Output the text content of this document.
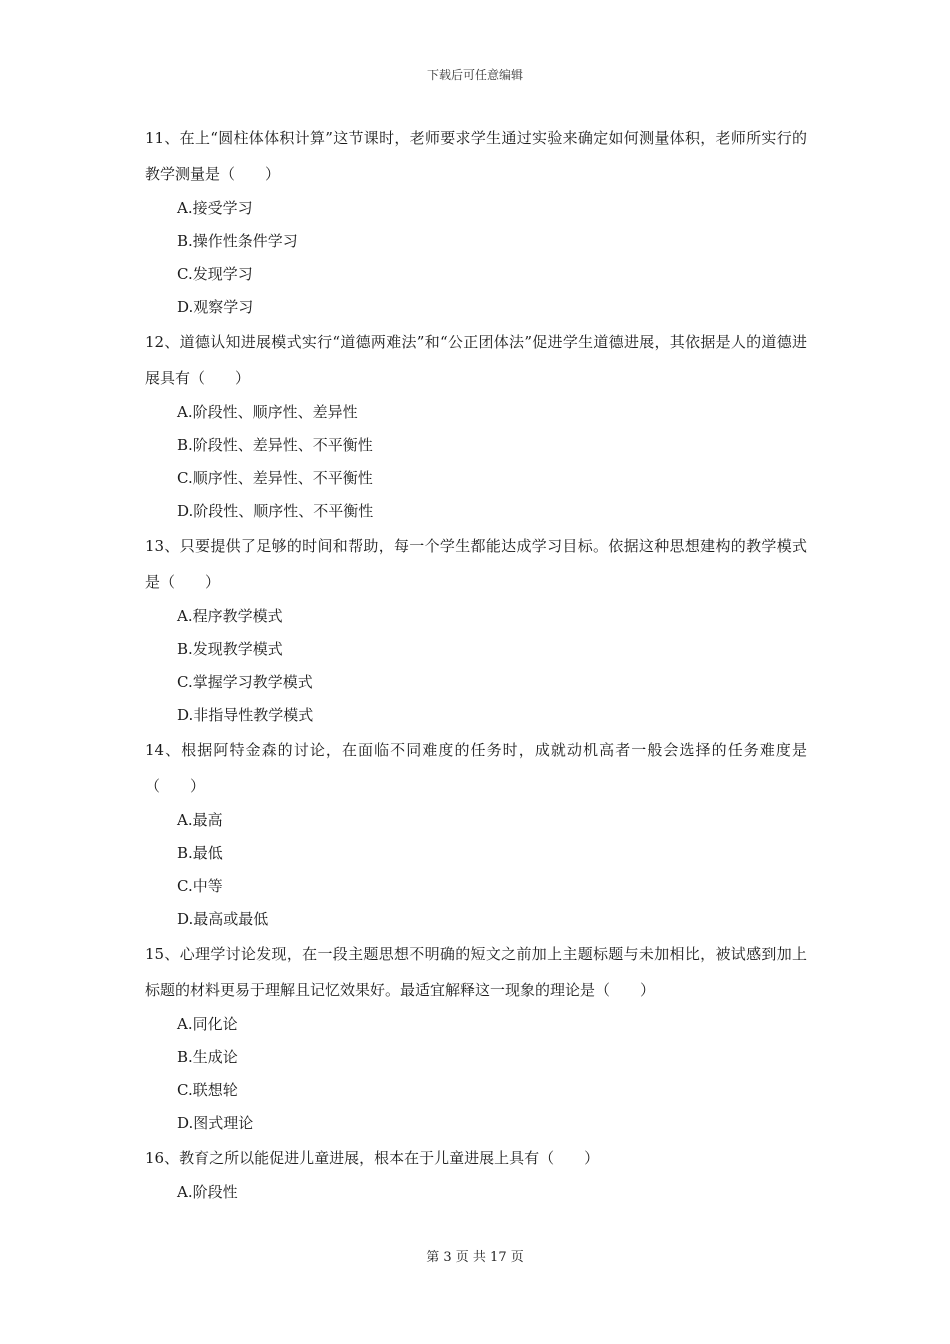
下载后可任意编辑

11、在上“圆柱体体积计算”这节课时，老师要求学生通过实验来确定如何测量体积，老师所实行的教学测量是（　　）

A.接受学习

B.操作性条件学习

C.发现学习

D.观察学习

12、道德认知进展模式实行“道德两难法”和“公正团体法”促进学生道德进展，其依据是人的道德进展具有（　　）

A.阶段性、顺序性、差异性

B.阶段性、差异性、不平衡性

C.顺序性、差异性、不平衡性

D.阶段性、顺序性、不平衡性

13、只要提供了足够的时间和帮助，每一个学生都能达成学习目标。依据这种思想建构的教学模式是（　　）

A.程序教学模式

B.发现教学模式

C.掌握学习教学模式

D.非指导性教学模式

14、根据阿特金森的讨论，在面临不同难度的任务时，成就动机高者一般会选择的任务难度是（　　）

A.最高

B.最低

C.中等

D.最高或最低

15、心理学讨论发现，在一段主题思想不明确的短文之前加上主题标题与未加相比，被试感到加上标题的材料更易于理解且记忆效果好。最适宜解释这一现象的理论是（　　）

A.同化论

B.生成论

C.联想轮

D.图式理论

16、教育之所以能促进儿童进展，根本在于儿童进展上具有（　　）

A.阶段性

第 3 页 共 17 页
